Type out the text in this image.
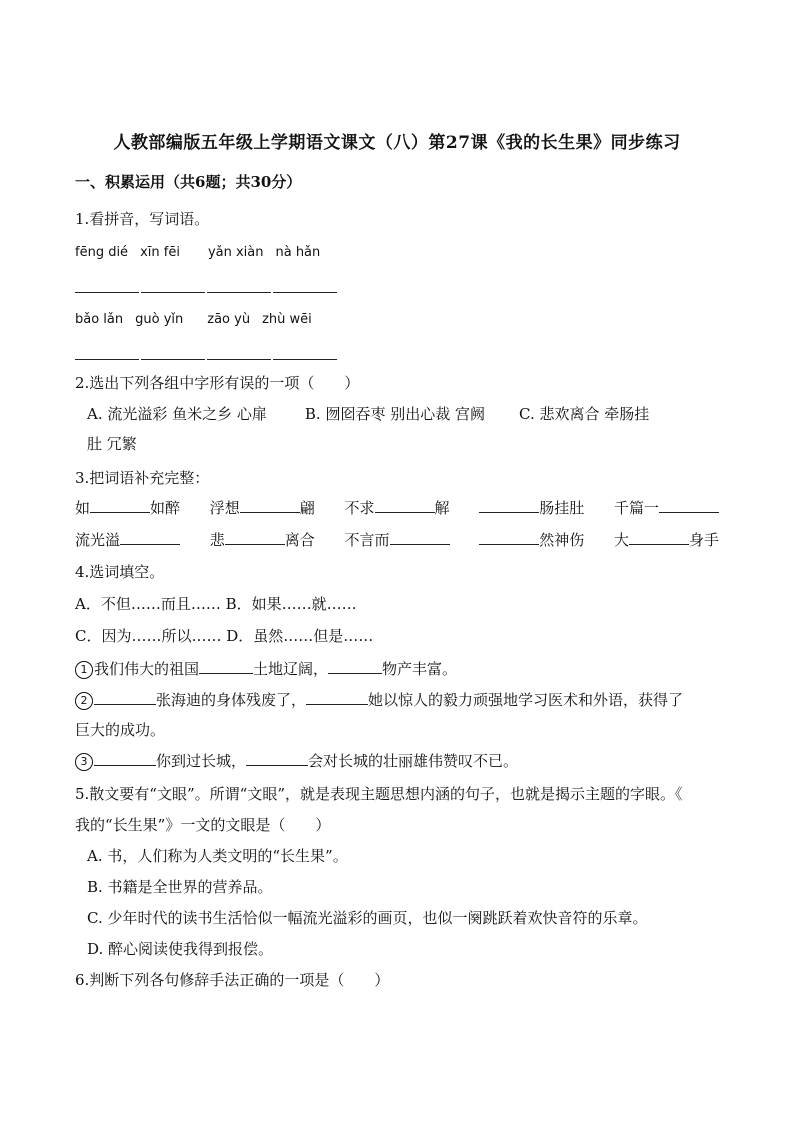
人教部编版五年级上学期语文课文（八）第27课《我的长生果》同步练习
一、积累运用（共6题；共30分）
1.看拼音，写词语。
fēng dié xīn fēi yǎn xiàn nà hǎn
bǎo lǎn guò yǐn zāo yù zhù wēi
2.选出下列各组中字形有误的一项（　　）
A. 流光溢彩 鱼米之乡 心扉	B. 囫囵吞枣 别出心裁 宫阙 C. 悲欢离合 牵肠挂
肚 冗繁
3.把词语补充完整：
如	如醉 浮想	翩 不求	解	肠挂肚 千篇一
流光溢	悲	离合 不言而	然神伤 大	身手
4.选词填空。
A．不但……而且…… B．如果……就……
C．因为……所以…… D．虽然……但是……
1 我们伟大的祖国	土地辽阔，	物产丰富。
2	张海迪的身体残废了，	她以惊人的毅力顽强地学习医术和外语，获得了
巨大的成功。
3	你到过长城，	会对长城的壮丽雄伟赞叹不已。
5.散文要有“文眼”。所谓“文眼”，就是表现主题思想内涵的句子，也就是揭示主题的字眼。《
我的“长生果”》一文的文眼是（　　）
A. 书，人们称为人类文明的“长生果”。
B. 书籍是全世界的营养品。
C. 少年时代的读书生活恰似一幅流光溢彩的画页，也似一阕跳跃着欢快音符的乐章。
D. 醉心阅读使我得到报偿。
6.判断下列各句修辞手法正确的一项是（　　）
